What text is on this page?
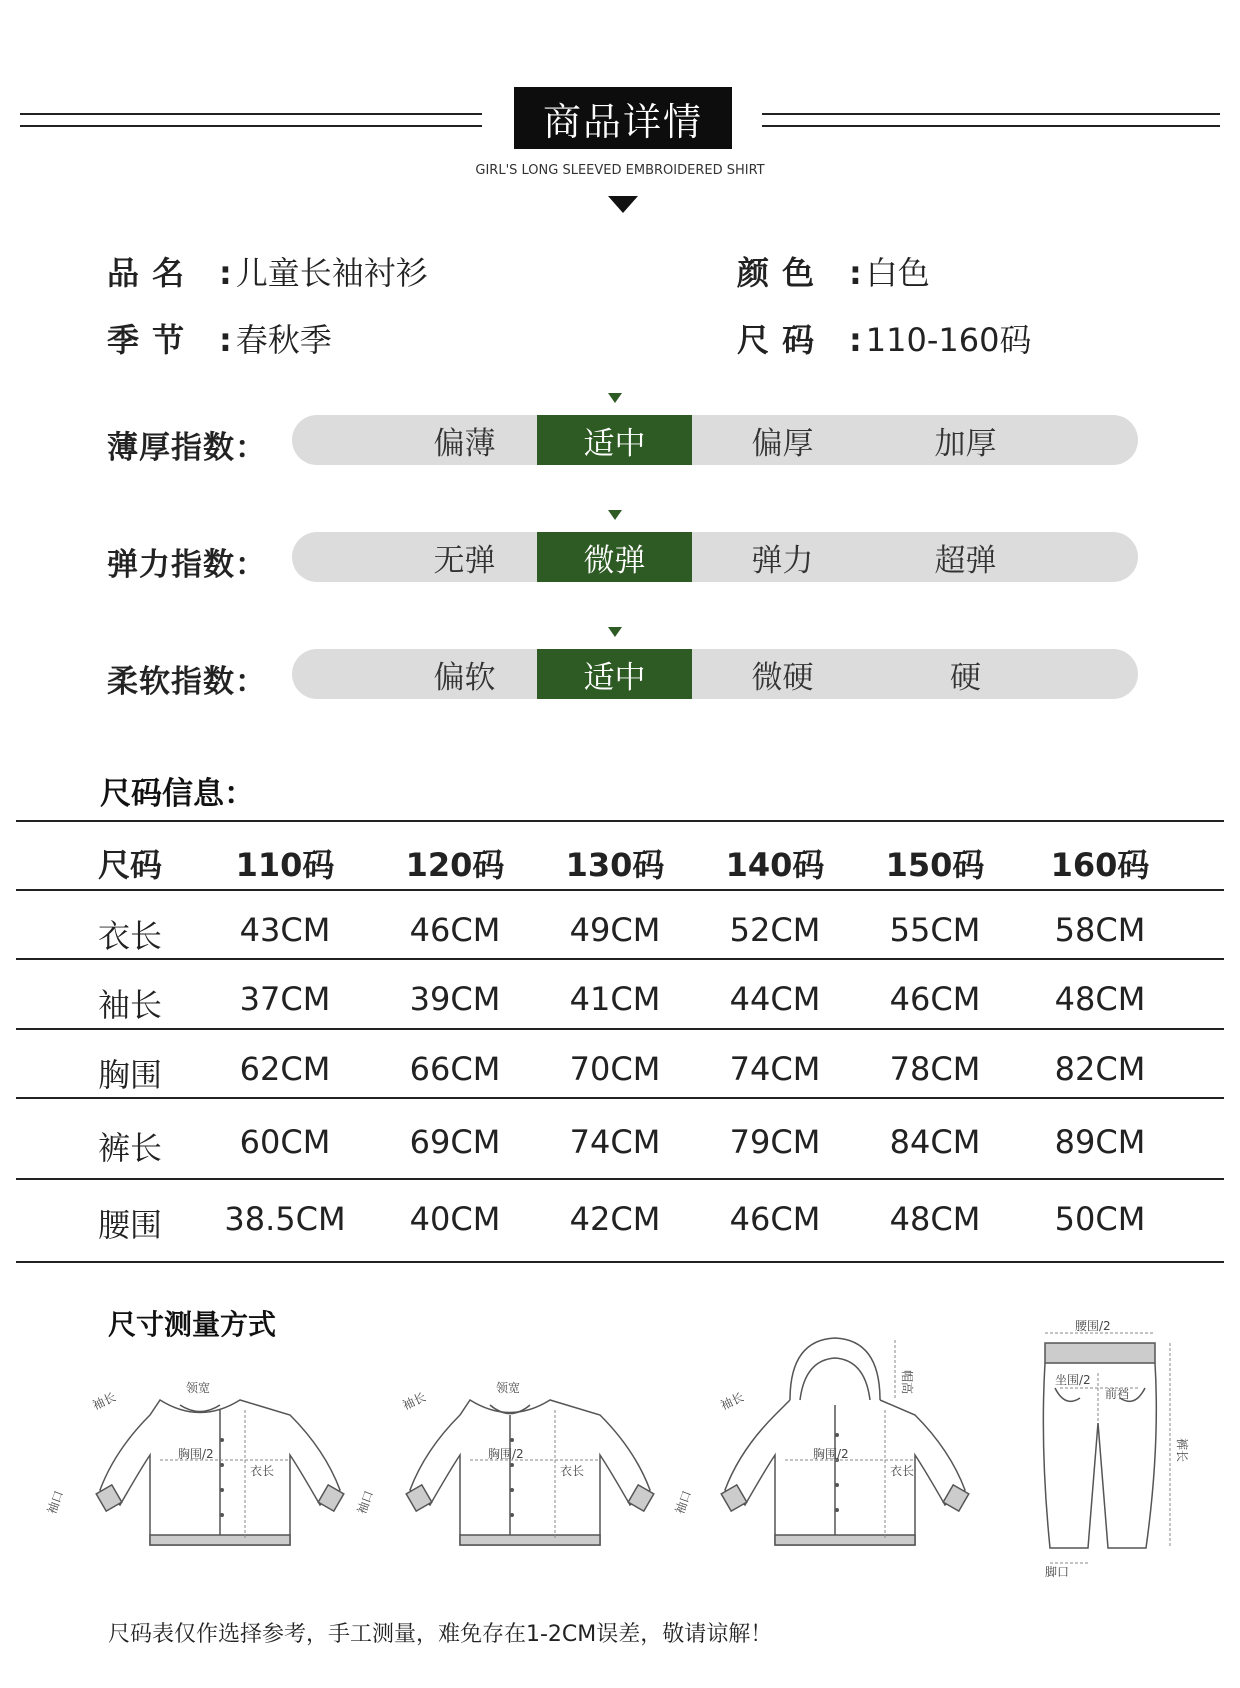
商品详情
GIRL'S LONG SLEEVED EMBROIDERED SHIRT
品 名 : 儿童长袖衬衫	颜 色 : 白色
季 节 : 春秋季	尺 码 : 110-160码
薄厚指数：	偏薄	适中	偏厚	加厚
弹力指数：	无弹	微弹	弹力	超弹
柔软指数：	偏软	适中	微硬	硬
尺码信息：
尺码	110码	120码	130码	140码	150码	160码
衣长	43CM	46CM	49CM	52CM	55CM	58CM
袖长	37CM	39CM	41CM	44CM	46CM	48CM
胸围	62CM	66CM	70CM	74CM	78CM	82CM
裤长	60CM	69CM	74CM	79CM	84CM	89CM
腰围	38.5CM	40CM	42CM	46CM	48CM	50CM
尺寸测量方式
袖长
领宽
胸围/2
衣长
袖口
袖长
领宽
胸围/2
衣长
袖口
袖长
帽高
胸围/2
衣长
袖口
腰围/2
坐围/2
前裆
裤长
脚口
尺码表仅作选择参考，手工测量，难免存在1-2CM误差，敬请谅解！
